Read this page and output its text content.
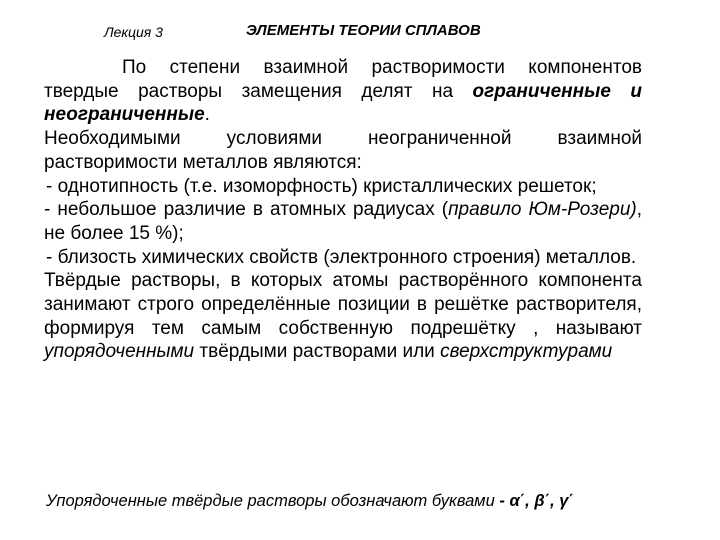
Лекция 3	ЭЛЕМЕНТЫ ТЕОРИИ СПЛАВОВ

По степени взаимной растворимости компонентов твердые растворы замещения делят на ограниченные и неограниченные.

Необходимыми условиями неограниченной взаимной растворимости металлов являются:

- однотипность (т.е. изоморфность) кристаллических решеток;

- небольшое различие в атомных радиусах (правило Юм-Розери), не более 15 %);

- близость химических свойств (электронного строения) металлов.

Твёрдые растворы, в которых атомы растворённого компонента занимают строго определённые позиции в решётке растворителя, формируя тем самым собственную подрешётку , называют упорядоченными твёрдыми растворами или сверхструктурами

Упорядоченные твёрдые растворы обозначают буквами - α΄, β΄, γ΄
